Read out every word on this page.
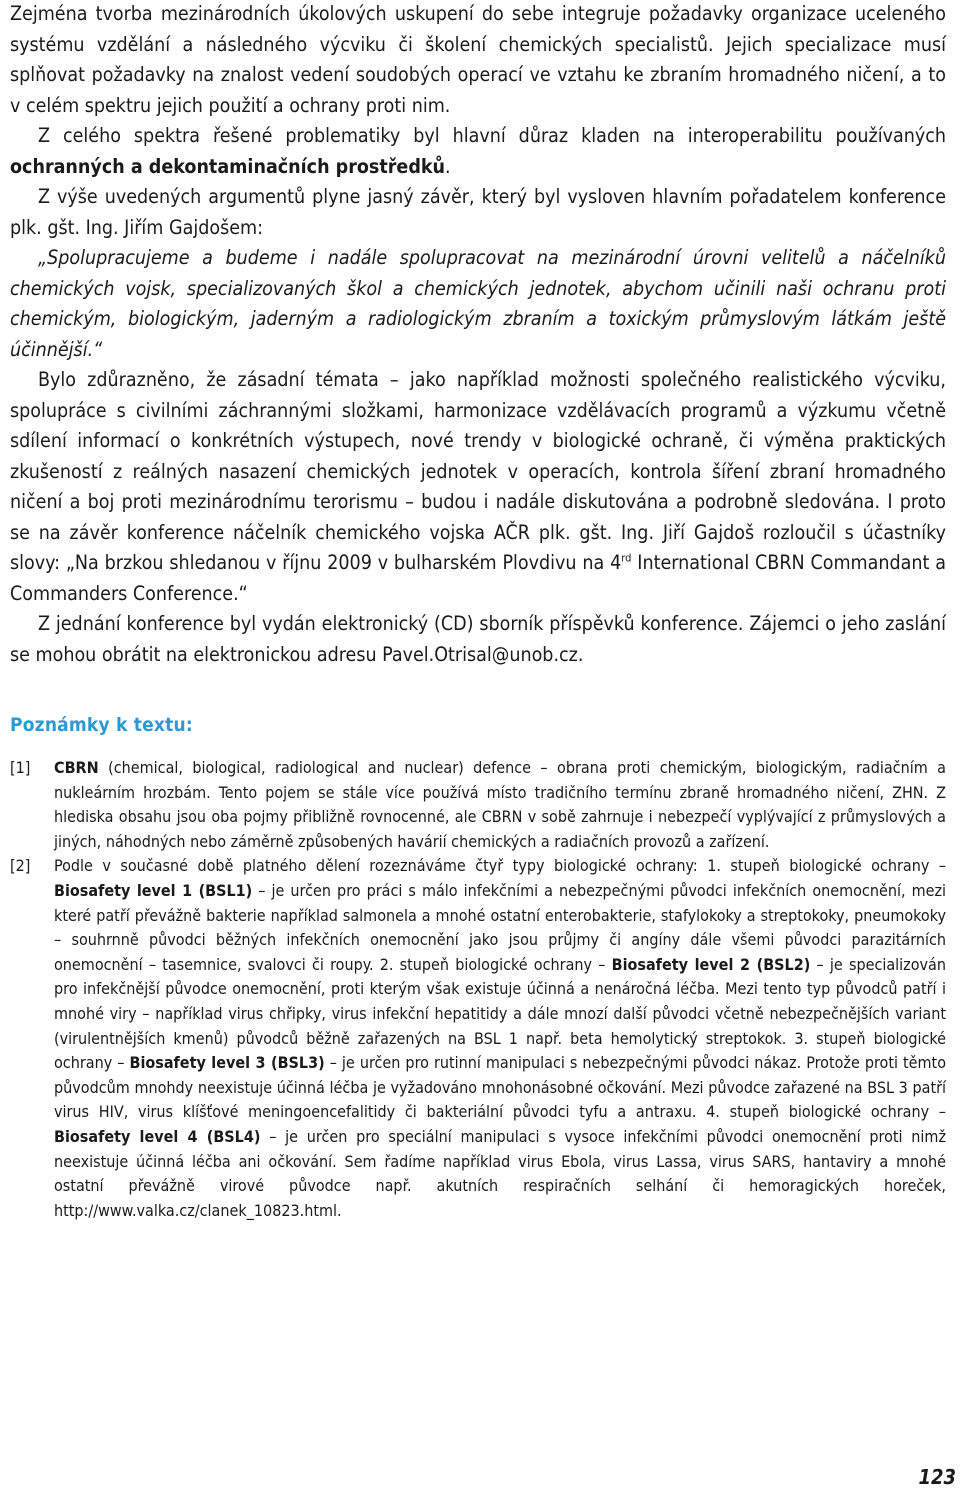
Zejména tvorba mezinárodních úkolových uskupení do sebe integruje požadavky organizace uceleného systému vzdělání a následného výcviku či školení chemických specialistů. Jejich specializace musí splňovat požadavky na znalost vedení soudobých operací ve vztahu ke zbraním hromadného ničení, a to v celém spektru jejich použití a ochrany proti nim.

Z celého spektra řešené problematiky byl hlavní důraz kladen na interoperabilitu používaných ochranných a dekontaminačních prostředků.

Z výše uvedených argumentů plyne jasný závěr, který byl vysloven hlavním pořadatelem konference plk. gšt. Ing. Jiřím Gajdošem:

„Spolupracujeme a budeme i nadále spolupracovat na mezinárodní úrovni velitelů a náčelníků chemických vojsk, specializovaných škol a chemických jednotek, abychom učinili naši ochranu proti chemickým, biologickým, jaderným a radiologickým zbraním a toxickým průmyslovým látkám ještě účinnější.“

Bylo zdůrazněno, že zásadní témata – jako například možnosti společného realistického výcviku, spolupráce s civilními záchrannými složkami, harmonizace vzdělávacích programů a výzkumu včetně sdílení informací o konkrétních výstupech, nové trendy v biologické ochraně, či výměna praktických zkušeností z reálných nasazení chemických jednotek v operacích, kontrola šíření zbraní hromadného ničení a boj proti mezinárodnímu terorismu – budou i nadále diskutována a podrobně sledována. I proto se na závěr konference náčelník chemického vojska AČR plk. gšt. Ing. Jiří Gajdoš rozloučil s účastníky slovy: „Na brzkou shledanou v říjnu 2009 v bulharském Plovdivu na 4rd International CBRN Commandant a Commanders Conference.“

Z jednání konference byl vydán elektronický (CD) sborník příspěvků konference. Zájemci o jeho zaslání se mohou obrátit na elektronickou adresu Pavel.Otrisal@unob.cz.

Poznámky k textu:
[1]	CBRN (chemical, biological, radiological and nuclear) defence – obrana proti chemickým, biologickým, radiačním a nukleárním hrozbám. Tento pojem se stále více používá místo tradičního termínu zbraně hromadného ničení, ZHN. Z hlediska obsahu jsou oba pojmy přibližně rovnocenné, ale CBRN v sobě zahrnuje i nebezpečí vyplývající z průmyslových a jiných, náhodných nebo záměrně způsobených havárií chemických a radiačních provozů a zařízení.
[2]	Podle v současné době platného dělení rozeznáváme čtyř typy biologické ochrany: 1. stupeň biologické ochrany – Biosafety level 1 (BSL1) – je určen pro práci s málo infekčními a nebezpečnými původci infekčních onemocnění, mezi které patří převážně bakterie například salmonela a mnohé ostatní enterobakterie, stafylokoky a streptokoky, pneumokoky – souhrnně původci běžných infekčních onemocnění jako jsou průjmy či angíny dále všemi původci parazitárních onemocnění – tasemnice, svalovci či roupy. 2. stupeň biologické ochrany – Biosafety level 2 (BSL2) – je specializován pro infekčnější původce onemocnění, proti kterým však existuje účinná a nenáročná léčba. Mezi tento typ původců patří i mnohé viry – například virus chřipky, virus infekční hepatitidy a dále mnozí další původci včetně nebezpečnějších variant (virulentnějších kmenů) původců běžně zařazených na BSL 1 např. beta hemolytický streptokok. 3. stupeň biologické ochrany – Biosafety level 3 (BSL3) – je určen pro rutinní manipulaci s nebezpečnými původci nákaz. Protože proti těmto původcům mnohdy neexistuje účinná léčba je vyžadováno mnohonásobné očkování. Mezi původce zařazené na BSL 3 patří virus HIV, virus klíšťové meningoencefalitidy či bakteriální původci tyfu a antraxu. 4. stupeň biologické ochrany – Biosafety level 4 (BSL4) – je určen pro speciální manipulaci s vysoce infekčními původci onemocnění proti nimž neexistuje účinná léčba ani očkování. Sem řadíme například virus Ebola, virus Lassa, virus SARS, hantaviry a mnohé ostatní převážně virové původce např. akutních respiračních selhání či hemoragických horeček, http://www.valka.cz/clanek_10823.html.
123
